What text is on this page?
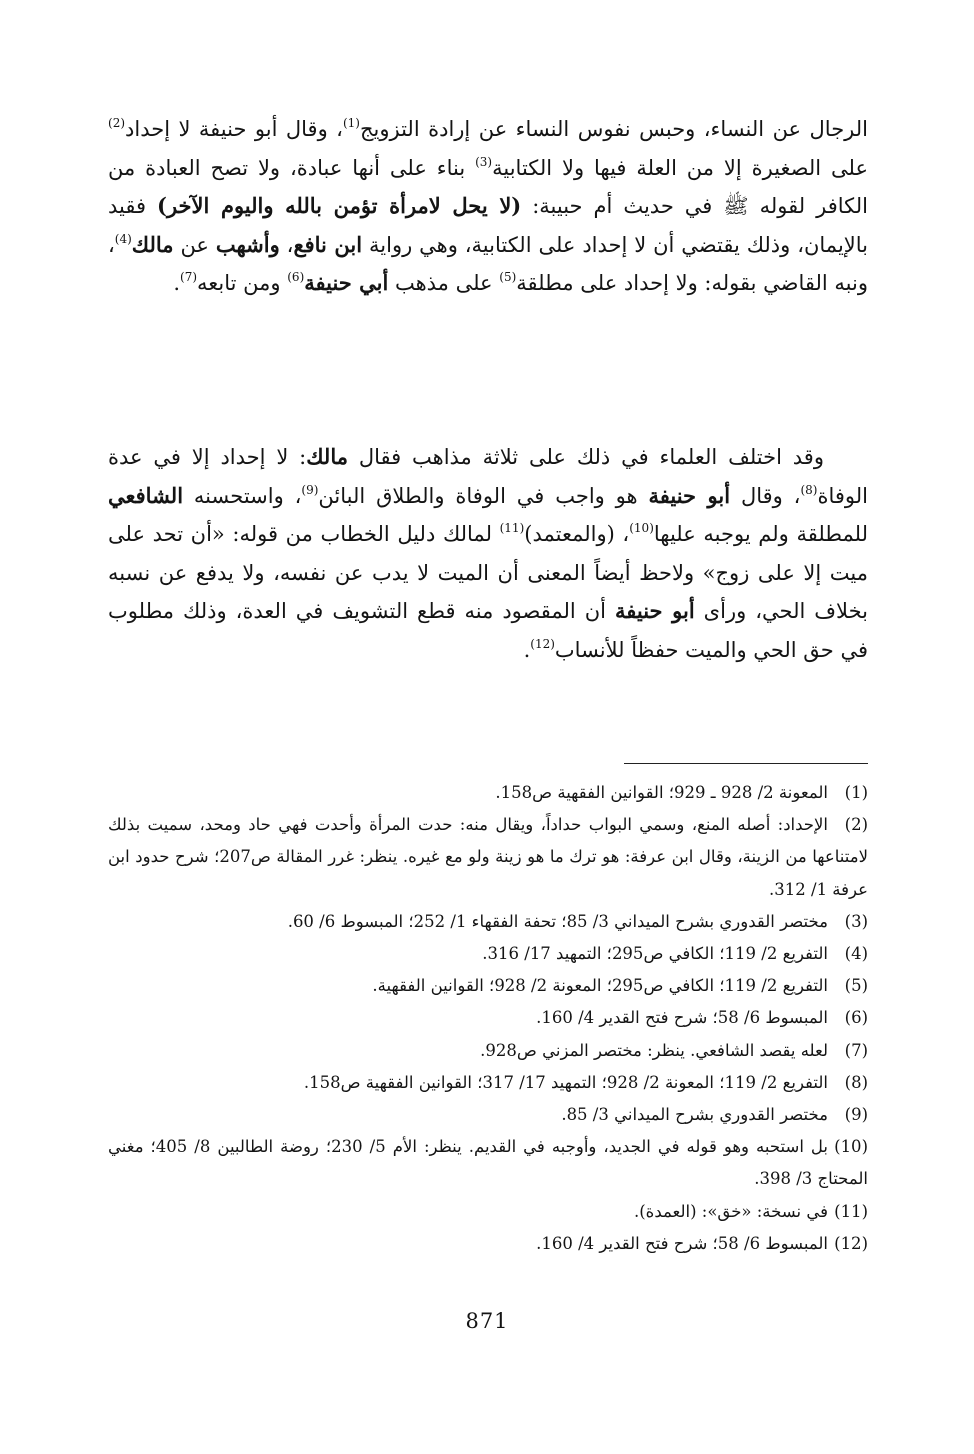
الرجال عن النساء، وحبس نفوس النساء عن إرادة التزويج$^{(1)}$، وقال أبو حنيفة لا إحداد$^{(2)}$ على الصغيرة إلا من العلة فيها ولا الكتابية$^{(3)}$ بناء على أنها عبادة، ولا تصح العبادة من الكافر لقوله ﷺ في حديث أم حبيبة: (لا يحل لامرأة تؤمن بالله واليوم الآخر) فقيد بالإيمان، وذلك يقتضي أن لا إحداد على الكتابية، وهي رواية ابن نافع، وأشهب عن مالك$^{(4)}$، ونبه القاضي بقوله: ولا إحداد على مطلقة$^{(5)}$ على مذهب أبي حنيفة$^{(6)}$ ومن تابعه$^{(7)}$.

وقد اختلف العلماء في ذلك على ثلاثة مذاهب فقال مالك: لا إحداد إلا في عدة الوفاة$^{(8)}$، وقال أبو حنيفة هو واجب في الوفاة والطلاق البائن$^{(9)}$، واستحسنه الشافعي للمطلقة ولم يوجبه عليها$^{(10)}$، (والمعتمد)$^{(11)}$ لمالك دليل الخطاب من قوله: «أن تحد على ميت إلا على زوج» ولاحظ أيضاً المعنى أن الميت لا يدب عن نفسه، ولا يدفع عن نسبه بخلاف الحي، ورأى أبو حنيفة أن المقصود منه قطع التشويف في العدة، وذلك مطلوب في حق الحي والميت حفظاً للأنساب$^{(12)}$.

(1)المعونة 2/ 928 ـ 929؛ القوانين الفقهية ص158.
(2)الإحداد: أصله المنع، وسمي البواب حداداً، ويقال منه: حدت المرأة وأحدت فهي حاد ومحد، سميت بذلك لامتناعها من الزينة، وقال ابن عرفة: هو ترك ما هو زينة ولو مع غيره. ينظر: غرر المقالة ص207؛ شرح حدود ابن عرفة 1/ 312.
(3)مختصر القدوري بشرح الميداني 3/ 85؛ تحفة الفقهاء 1/ 252؛ المبسوط 6/ 60.
(4)التفريع 2/ 119؛ الكافي ص295؛ التمهيد 17/ 316.
(5)التفريع 2/ 119؛ الكافي ص295؛ المعونة 2/ 928؛ القوانين الفقهية.
(6)المبسوط 6/ 58؛ شرح فتح القدير 4/ 160.
(7)لعله يقصد الشافعي. ينظر: مختصر المزني ص928.
(8)التفريع 2/ 119؛ المعونة 2/ 928؛ التمهيد 17/ 317؛ القوانين الفقهية ص158.
(9)مختصر القدوري بشرح الميداني 3/ 85.
(10)بل استحبه وهو قوله في الجديد، وأوجبه في القديم. ينظر: الأم 5/ 230؛ روضة الطالبين 8/ 405؛ مغني المحتاج 3/ 398.
(11)في نسخة: «خق»: (العمدة).
(12)المبسوط 6/ 58؛ شرح فتح القدير 4/ 160.
871
